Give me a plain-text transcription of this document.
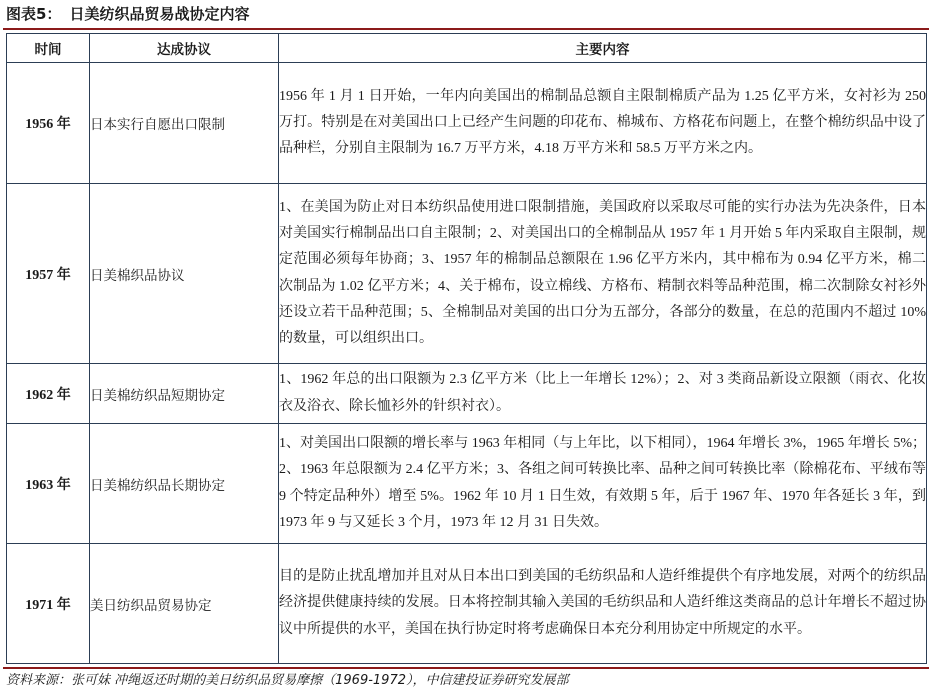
图表5： 日美纺织品贸易战协定内容
时间	达成协议	主要内容
1956 年	日本实行自愿出口限制	1956 年 1 月 1 日开始，一年内向美国出的棉制品总额自主限制棉质产品为 1.25 亿平方米，女衬衫为 250 万打。特别是在对美国出口上已经产生问题的印花布、棉城布、方格花布问题上，在整个棉纺织品中设了品种栏，分别自主限制为 16.7 万平方米，4.18 万平方米和 58.5 万平方米之内。
1957 年	日美棉织品协议	1、在美国为防止对日本纺织品使用进口限制措施，美国政府以采取尽可能的实行办法为先决条件，日本对美国实行棉制品出口自主限制；2、对美国出口的全棉制品从 1957 年 1 月开始 5 年内采取自主限制，规定范围必须每年协商；3、1957 年的棉制品总额限在 1.96 亿平方米内，其中棉布为 0.94 亿平方米，棉二次制品为 1.02 亿平方米；4、关于棉布，设立棉线、方格布、精制衣料等品种范围，棉二次制除女衬衫外还设立若干品种范围；5、全棉制品对美国的出口分为五部分，各部分的数量，在总的范围内不超过 10%的数量，可以组织出口。
1962 年	日美棉纺织品短期协定	1、1962 年总的出口限额为 2.3 亿平方米（比上一年增长 12%）；2、对 3 类商品新设立限额（雨衣、化妆衣及浴衣、除长恤衫外的针织衬衣）。
1963 年	日美棉纺织品长期协定	1、对美国出口限额的增长率与 1963 年相同（与上年比，以下相同），1964 年增长 3%，1965 年增长 5%；2、1963 年总限额为 2.4 亿平方米；3、各组之间可转换比率、品种之间可转换比率（除棉花布、平绒布等 9 个特定品种外）增至 5%。1962 年 10 月 1 日生效，有效期 5 年，后于 1967 年、1970 年各延长 3 年，到 1973 年 9 与又延长 3 个月，1973 年 12 月 31 日失效。
1971 年	美日纺织品贸易协定	目的是防止扰乱增加并且对从日本出口到美国的毛纺织品和人造纤维提供个有序地发展，对两个的纺织品经济提供健康持续的发展。日本将控制其输入美国的毛纺织品和人造纤维这类商品的总计年增长不超过协议中所提供的水平，美国在执行协定时将考虑确保日本充分利用协定中所规定的水平。
资料来源：张可妹 冲绳返还时期的美日纺织品贸易摩擦（1969-1972），中信建投证券研究发展部
